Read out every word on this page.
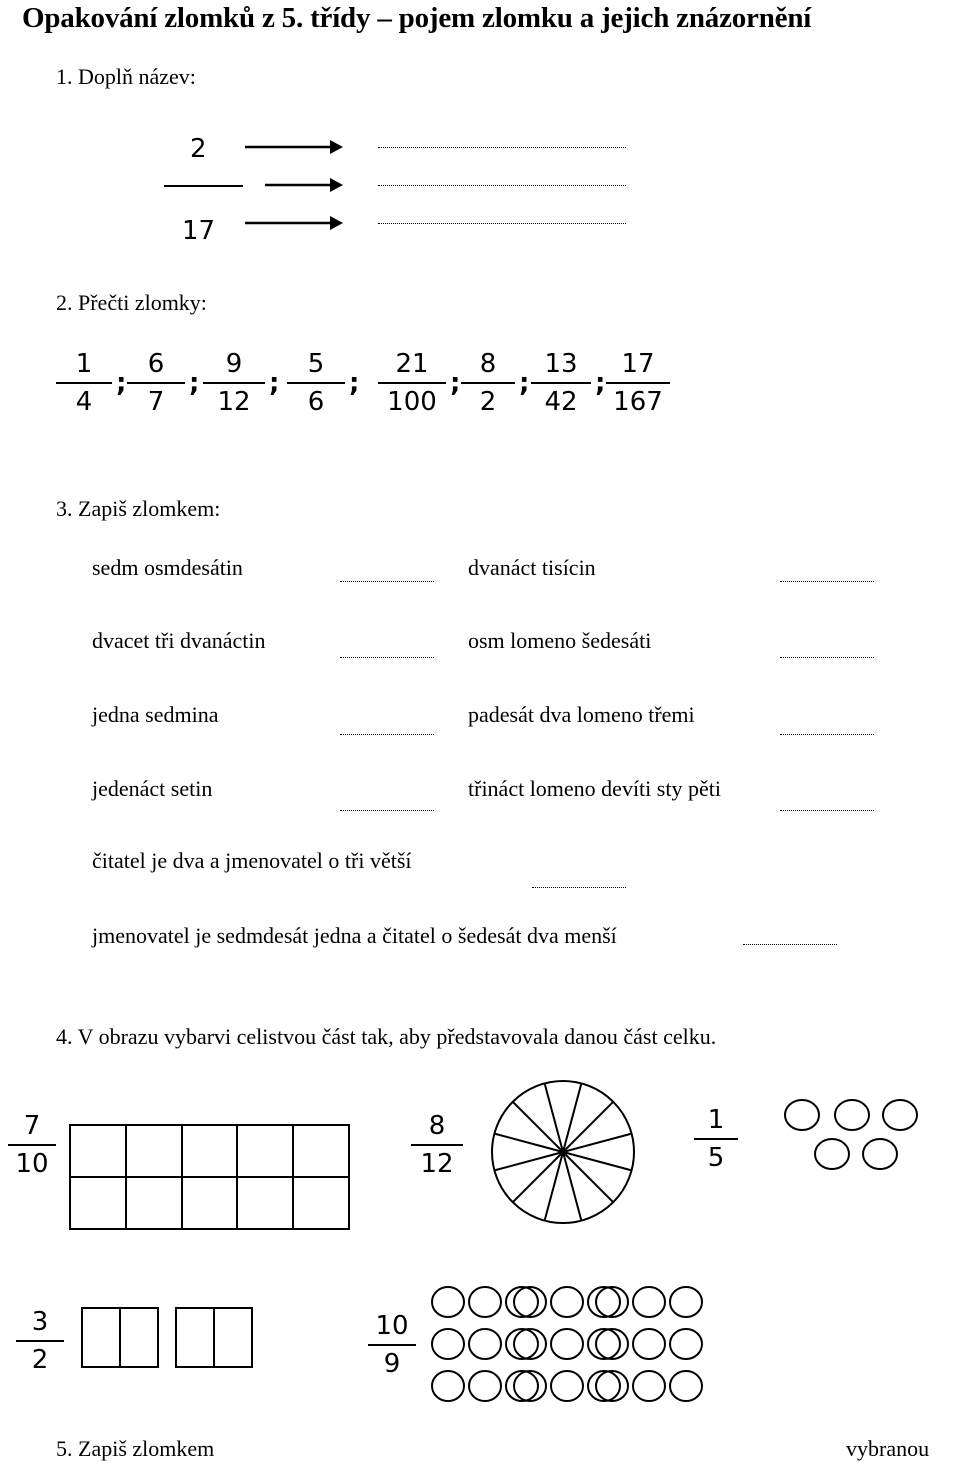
Opakování zlomků z 5. třídy – pojem zlomku a jejich znázornění
1. Doplň název:
2
17
2. Přečti zlomky:
1
4
;
6
7
;
9
12
;
5
6
;
21
100
;
8
2
;
13
42
;
17
167
3. Zapiš zlomkem:
sedm osmdesátin
dvacet tři dvanáctin
jedna sedmina
jedenáct setin
dvanáct tisícin
osm lomeno šedesáti
padesát dva lomeno třemi
třináct lomeno devíti sty pěti
čitatel je dva a jmenovatel o tři větší
jmenovatel je sedmdesát jedna a čitatel o šedesát dva menší
4. V obrazu vybarvi celistvou část tak, aby představovala danou část celku.
7
10
8
12
1
5
3
2
10
9
5. Zapiš zlomkem	vybranou
